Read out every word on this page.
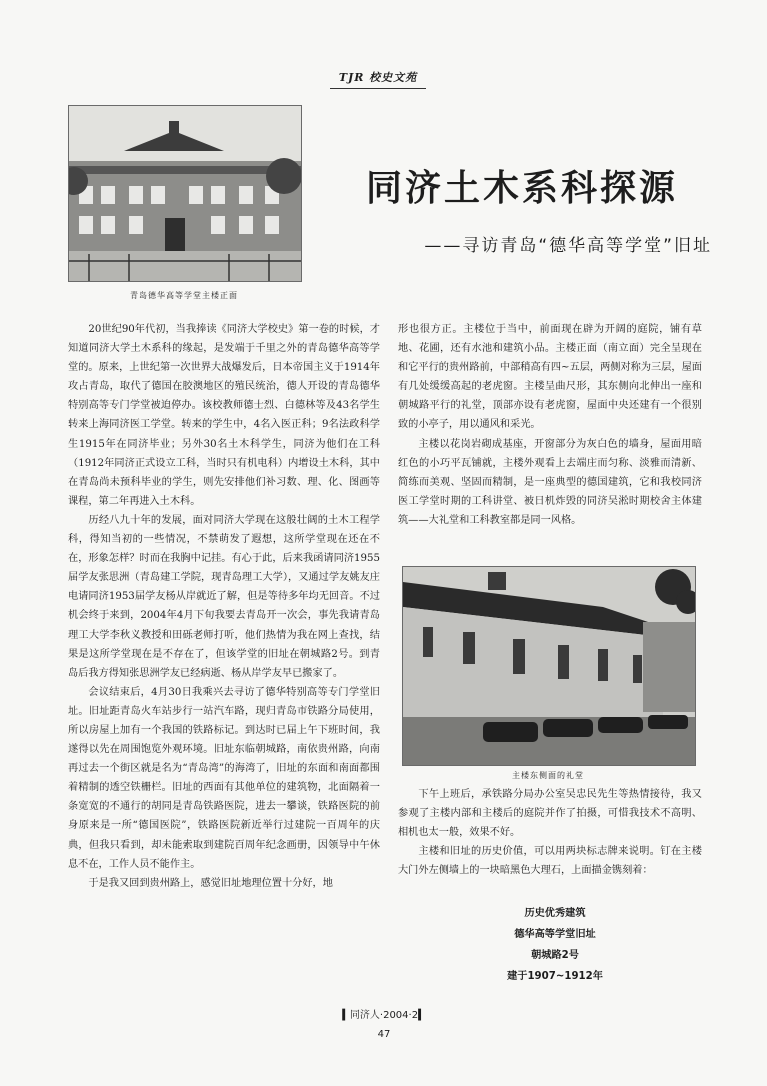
TJR 校史文苑
青岛德华高等学堂主楼正面
同济土木系科探源
——寻访青岛“德华高等学堂”旧址

20世纪90年代初，当我捧读《同济大学校史》第一卷的时候，才知道同济大学土木系科的缘起，是发端于千里之外的青岛德华高等学堂的。原来，上世纪第一次世界大战爆发后，日本帝国主义于1914年攻占青岛，取代了德国在胶澳地区的殖民统治，德人开设的青岛德华特别高等专门学堂被迫停办。该校教师德士烈、白德林等及43名学生转来上海同济医工学堂。转来的学生中，4名入医正科；9名法政科学生1915年在同济毕业；另外30名土木科学生，同济为他们在工科（1912年同济正式设立工科，当时只有机电科）内增设土木科，其中在青岛尚未预科毕业的学生，则先安排他们补习数、理、化、图画等课程，第二年再进入土木科。

历经八九十年的发展，面对同济大学现在这般壮阔的土木工程学科，得知当初的一些情况，不禁萌发了遐想，这所学堂现在还在不在，形象怎样？时而在我胸中记挂。有心于此，后来我函请同济1955届学友张思洲（青岛建工学院，现青岛理工大学），又通过学友姚友庄电请同济1953届学友杨从岸就近了解，但是等待多年均无回音。不过机会终于来到，2004年4月下旬我要去青岛开一次会，事先我请青岛理工大学李秋义教授和田砾老师打听，他们热情为我在网上查找，结果是这所学堂现在是不存在了，但该学堂的旧址在朝城路2号。到青岛后我方得知张思洲学友已经病逝、杨从岸学友早已搬家了。

会议结束后，4月30日我乘兴去寻访了德华特别高等专门学堂旧址。旧址距青岛火车站步行一站汽车路，现归青岛市铁路分局使用，所以房屋上加有一个我国的铁路标记。到达时已届上午下班时间，我遂得以先在周围饱览外观环境。旧址东临朝城路，南依贵州路，向南再过去一个街区就是名为“青岛湾”的海湾了，旧址的东面和南面都围着精制的透空铁栅栏。旧址的西面有其他单位的建筑物，北面隔着一条宽宽的不通行的胡同是青岛铁路医院，进去一攀谈，铁路医院的前身原来是一所“德国医院”，铁路医院新近举行过建院一百周年的庆典，但我只看到，却未能索取到建院百周年纪念画册，因领导中午休息不在，工作人员不能作主。

于是我又回到贵州路上，感觉旧址地理位置十分好，地

形也很方正。主楼位于当中，前面现在辟为开阔的庭院，铺有草地、花圃，还有水池和建筑小品。主楼正面（南立面）完全呈现在和它平行的贵州路前，中部稍高有四~五层，两侧对称为三层，屋面有几处缓缓高起的老虎窗。主楼呈曲尺形，其东侧向北伸出一座和朝城路平行的礼堂，顶部亦设有老虎窗，屋面中央还建有一个很别致的小亭子，用以通风和采光。

主楼以花岗岩砌成基座，开窗部分为灰白色的墙身，屋面用暗红色的小巧平瓦铺就，主楼外观看上去端庄而匀称、淡雅而清新、简练而美观、坚固而精制，是一座典型的德国建筑，它和我校同济医工学堂时期的工科讲堂、被日机炸毁的同济吴淞时期校舍主体建筑——大礼堂和工科教室都是同一风格。

主楼东侧面的礼堂

下午上班后，承铁路分局办公室吴忠民先生等热情接待，我又参观了主楼内部和主楼后的庭院并作了拍摄，可惜我技术不高明、相机也太一般，效果不好。

主楼和旧址的历史价值，可以用两块标志牌来说明。钉在主楼大门外左侧墙上的一块暗黑色大理石，上面描金镌刻着：

历史优秀建筑
德华高等学堂旧址
朝城路2号
建于1907~1912年
▍同济人·2004·2▍
47
